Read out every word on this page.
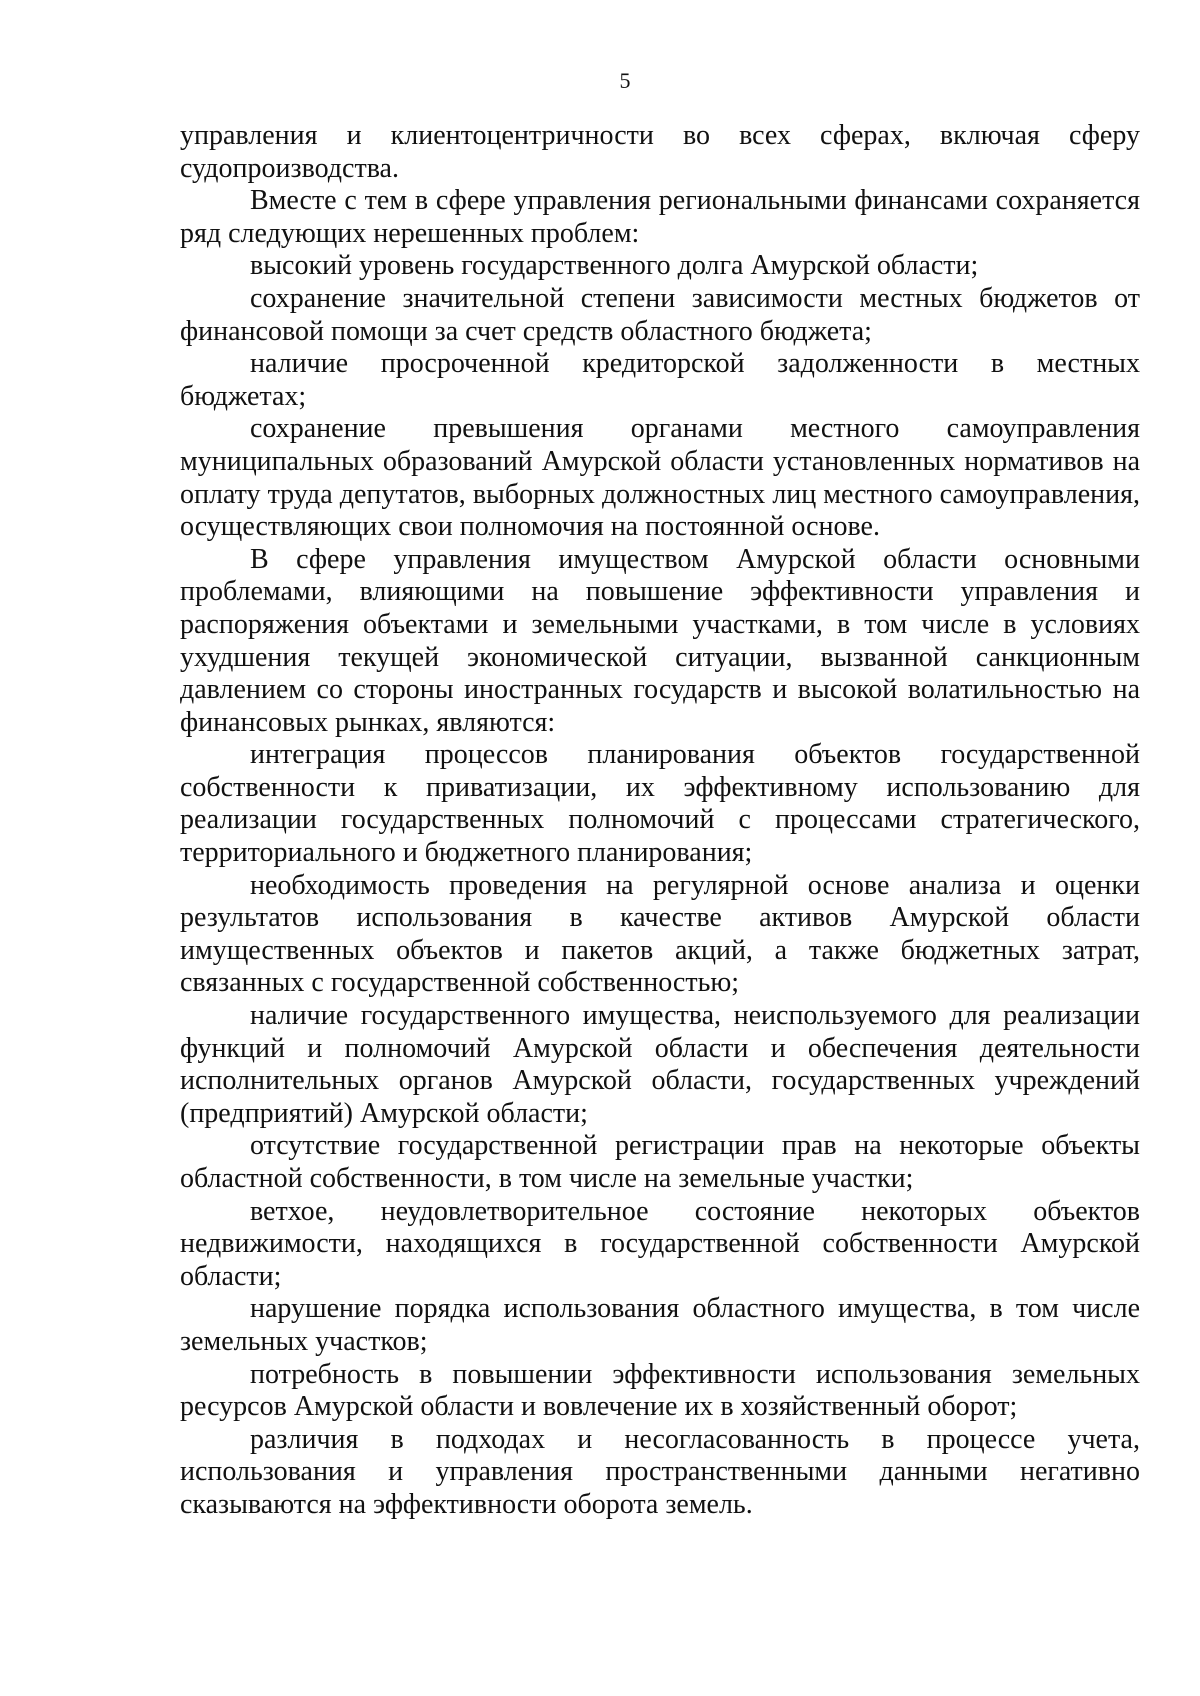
5

управления и клиентоцентричности во всех сферах, включая сферу судопроизводства.

Вместе с тем в сфере управления региональными финансами сохраняется ряд следующих нерешенных проблем:

высокий уровень государственного долга Амурской области;

сохранение значительной степени зависимости местных бюджетов от финансовой помощи за счет средств областного бюджета;

наличие просроченной кредиторской задолженности в местных бюджетах;

сохранение превышения органами местного самоуправления муниципальных образований Амурской области установленных нормативов на оплату труда депутатов, выборных должностных лиц местного самоуправления, осуществляющих свои полномочия на постоянной основе.

В сфере управления имуществом Амурской области основными проблемами, влияющими на повышение эффективности управления и распоряжения объектами и земельными участками, в том числе в условиях ухудшения текущей экономической ситуации, вызванной санкционным давлением со стороны иностранных государств и высокой волатильностью на финансовых рынках, являются:

интеграция процессов планирования объектов государственной собственности к приватизации, их эффективному использованию для реализации государственных полномочий с процессами стратегического, территориального и бюджетного планирования;

необходимость проведения на регулярной основе анализа и оценки результатов использования в качестве активов Амурской области имущественных объектов и пакетов акций, а также бюджетных затрат, связанных с государственной собственностью;

наличие государственного имущества, неиспользуемого для реализации функций и полномочий Амурской области и обеспечения деятельности исполнительных органов Амурской области, государственных учреждений (предприятий) Амурской области;

отсутствие государственной регистрации прав на некоторые объекты областной собственности, в том числе на земельные участки;

ветхое, неудовлетворительное состояние некоторых объектов недвижимости, находящихся в государственной собственности Амурской области;

нарушение порядка использования областного имущества, в том числе земельных участков;

потребность в повышении эффективности использования земельных ресурсов Амурской области и вовлечение их в хозяйственный оборот;

различия в подходах и несогласованность в процессе учета, использования и управления пространственными данными негативно сказываются на эффективности оборота земель.
